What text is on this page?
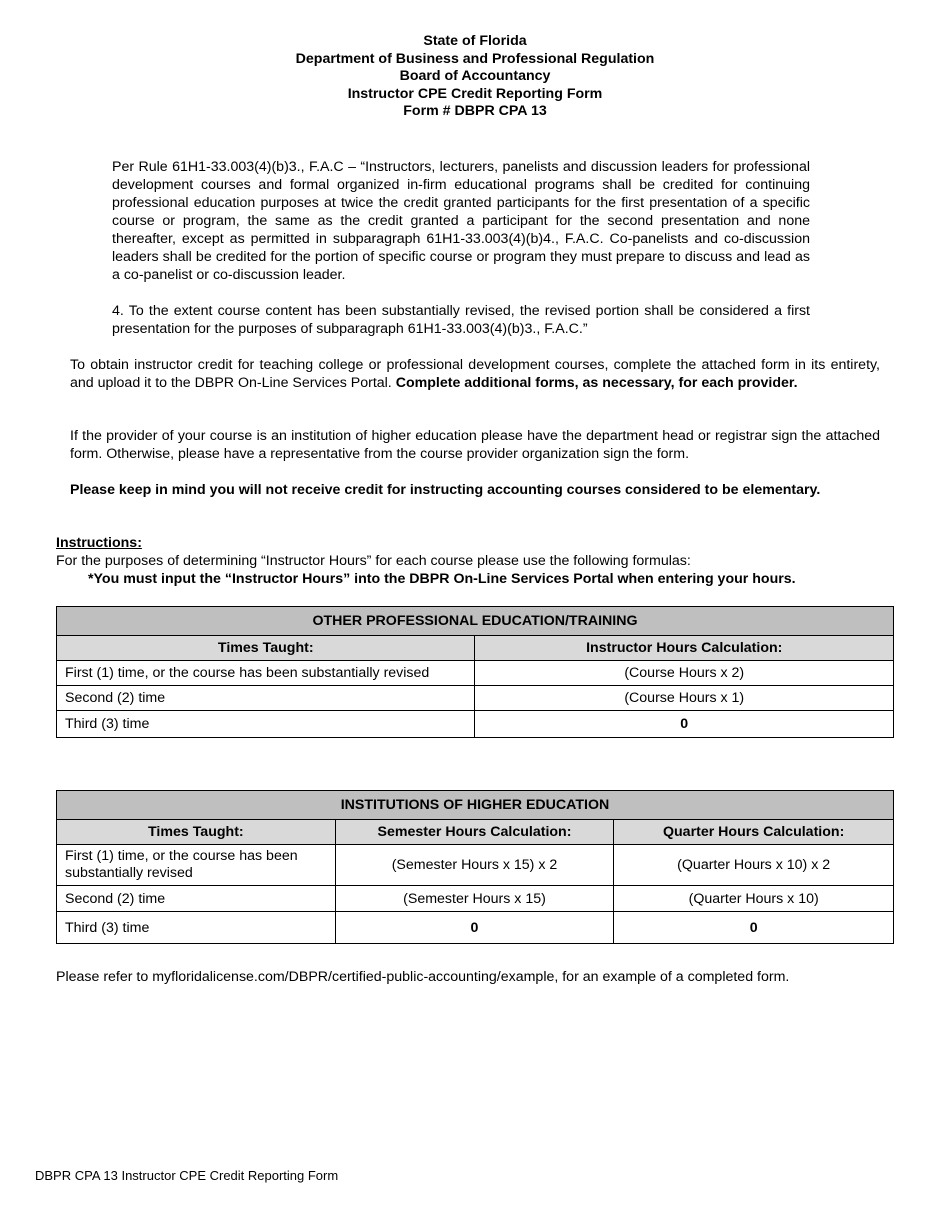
State of Florida
Department of Business and Professional Regulation
Board of Accountancy
Instructor CPE Credit Reporting Form
Form # DBPR CPA 13

Per Rule 61H1-33.003(4)(b)3., F.A.C – “Instructors, lecturers, panelists and discussion leaders for professional development courses and formal organized in-firm educational programs shall be credited for continuing professional education purposes at twice the credit granted participants for the first presentation of a specific course or program, the same as the credit granted a participant for the second presentation and none thereafter, except as permitted in subparagraph 61H1-33.003(4)(b)4., F.A.C. Co-panelists and co-discussion leaders shall be credited for the portion of specific course or program they must prepare to discuss and lead as a co-panelist or co-discussion leader.

4. To the extent course content has been substantially revised, the revised portion shall be considered a first presentation for the purposes of subparagraph 61H1-33.003(4)(b)3., F.A.C.”

To obtain instructor credit for teaching college or professional development courses, complete the attached form in its entirety, and upload it to the DBPR On-Line Services Portal. Complete additional forms, as necessary, for each provider.

If the provider of your course is an institution of higher education please have the department head or registrar sign the attached form. Otherwise, please have a representative from the course provider organization sign the form.

Please keep in mind you will not receive credit for instructing accounting courses considered to be elementary.

Instructions:
For the purposes of determining “Instructor Hours” for each course please use the following formulas:
*You must input the “Instructor Hours” into the DBPR On-Line Services Portal when entering your hours.
OTHER PROFESSIONAL EDUCATION/TRAINING	
Times Taught:	Instructor Hours Calculation:
First (1) time, or the course has been substantially revised	(Course Hours x 2)
Second (2) time	(Course Hours x 1)
Third (3) time	0
INSTITUTIONS OF HIGHER EDUCATION		
Times Taught:	Semester Hours Calculation:	Quarter Hours Calculation:
First (1) time, or the course has been substantially revised	(Semester Hours x 15) x 2	(Quarter Hours x 10) x 2
Second (2) time	(Semester Hours x 15)	(Quarter Hours x 10)
Third (3) time	0	0

Please refer to myfloridalicense.com/DBPR/certified-public-accounting/example, for an example of a completed form.

DBPR CPA 13 Instructor CPE Credit Reporting Form
